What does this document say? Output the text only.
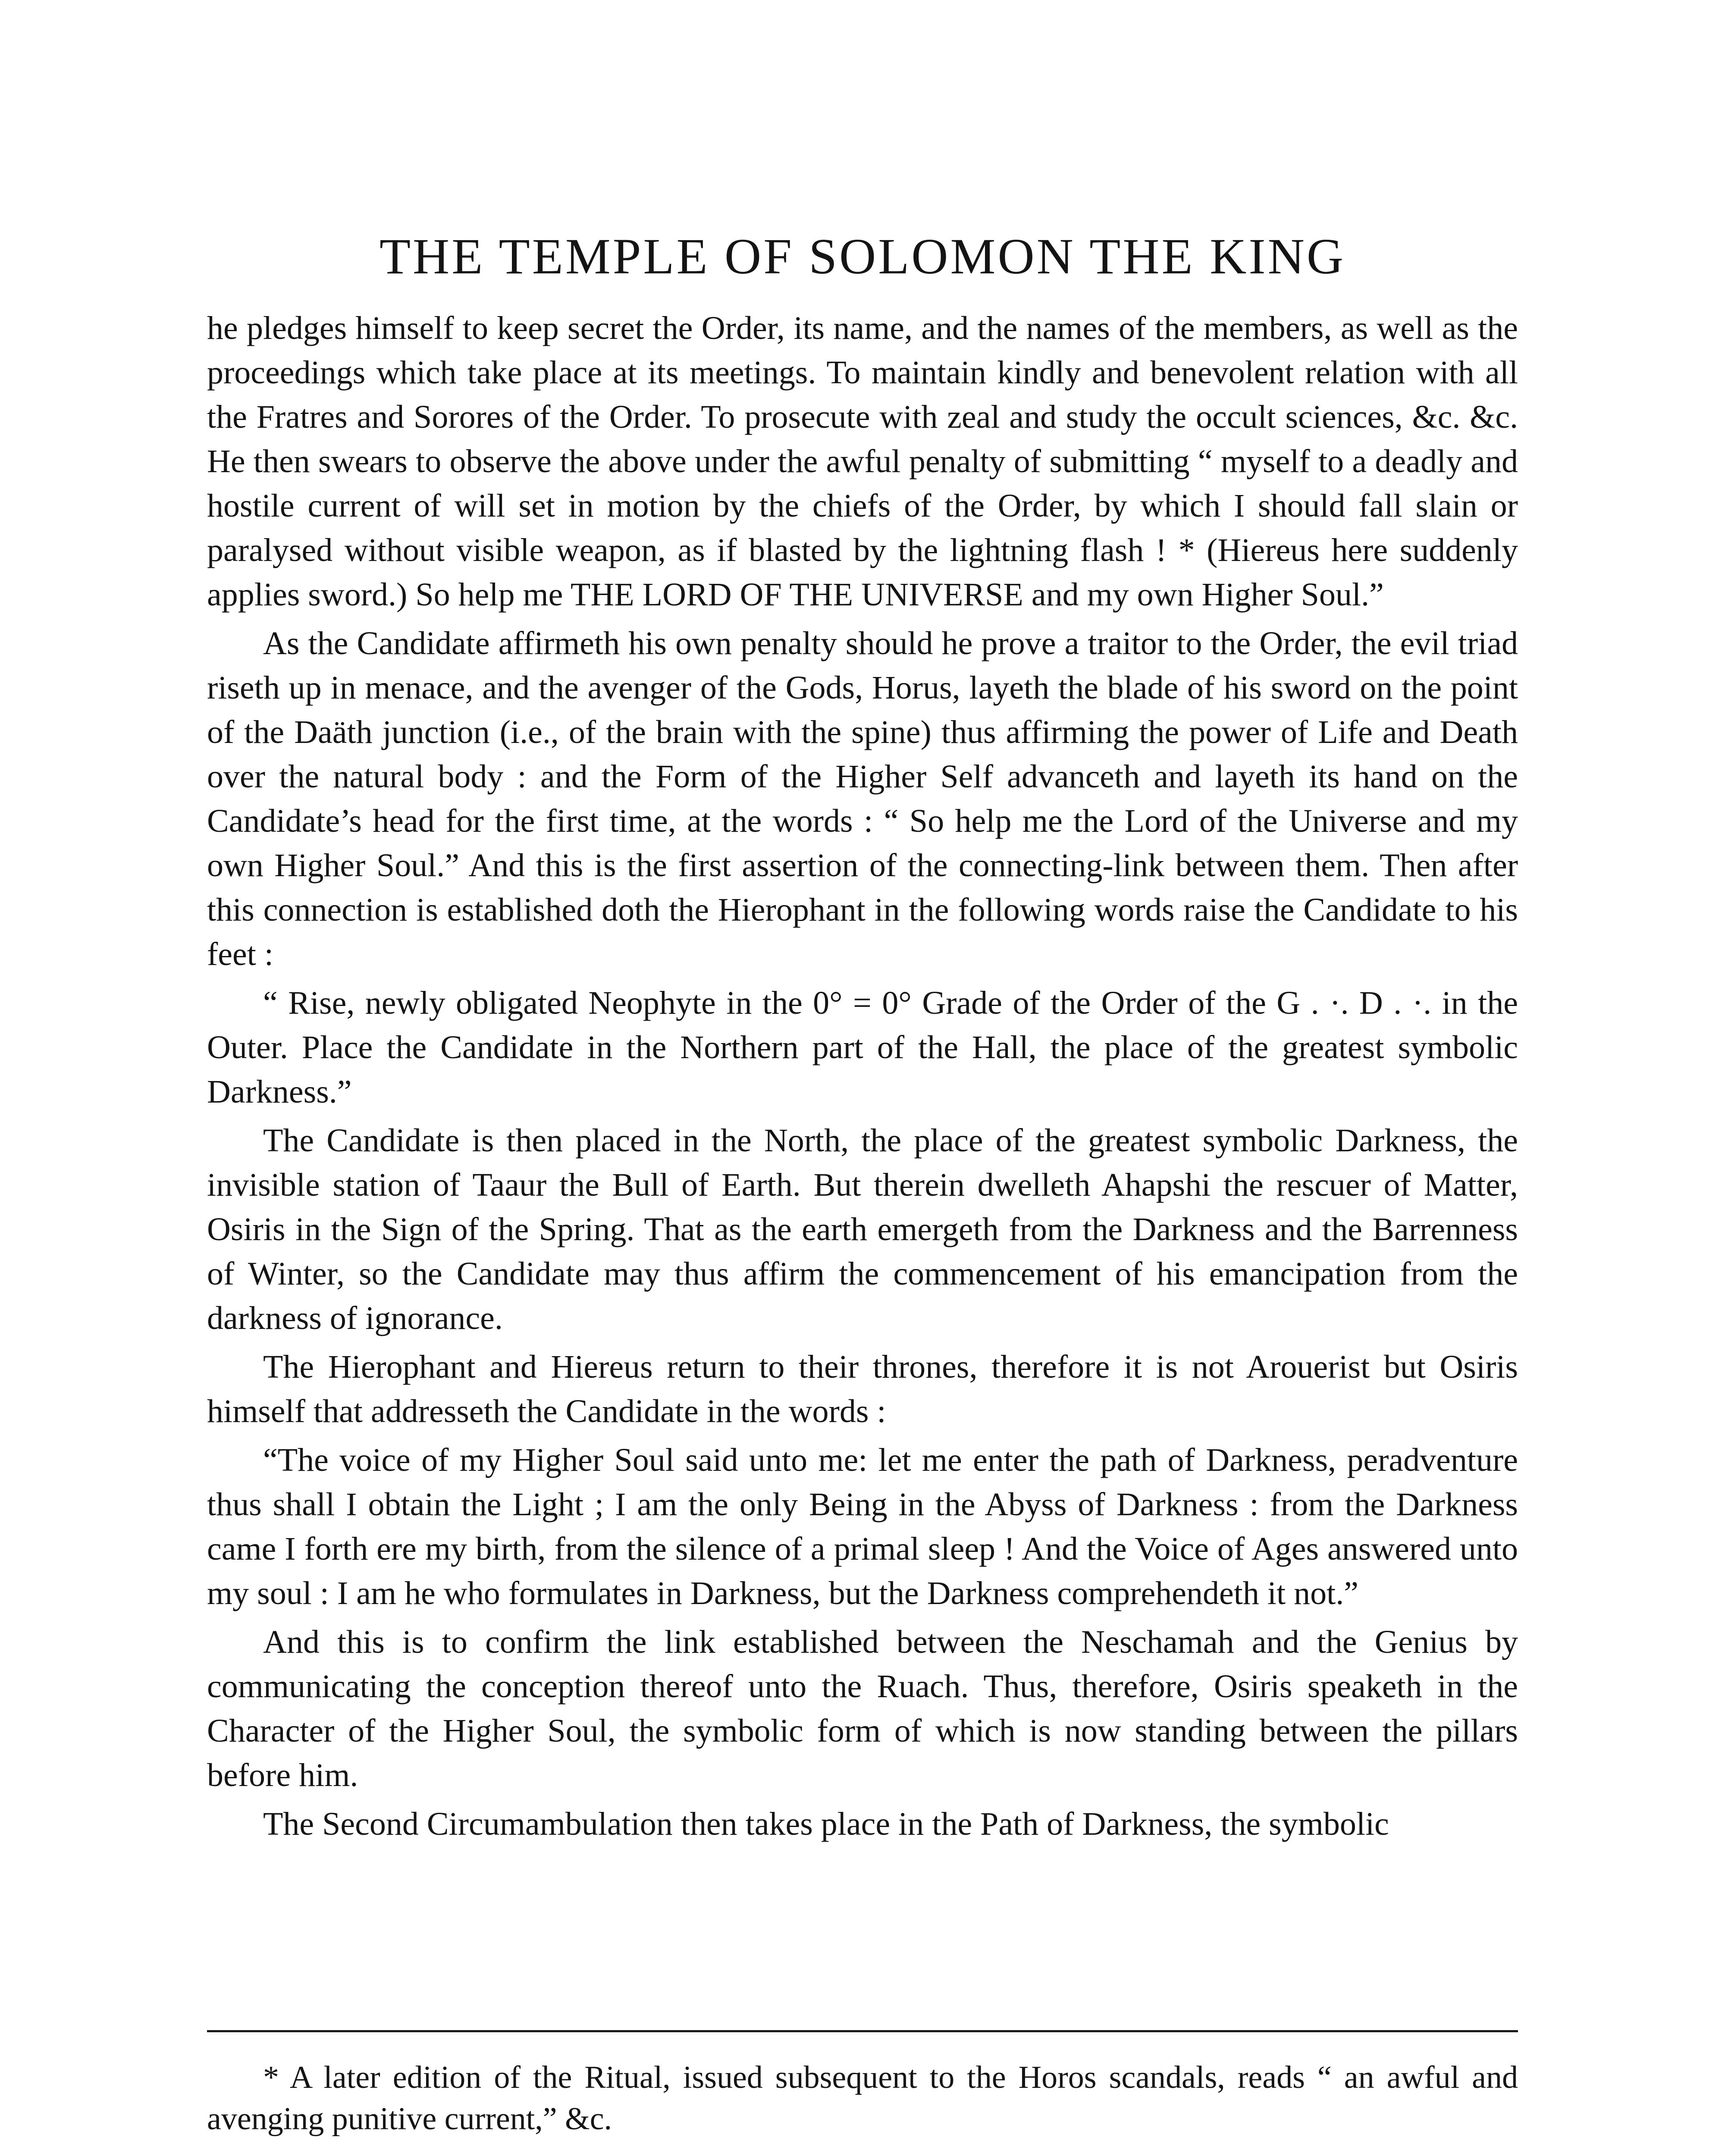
THE TEMPLE OF SOLOMON THE KING

he pledges himself to keep secret the Order, its name, and the names of the members, as well as the proceedings which take place at its meetings. To maintain kindly and benevolent relation with all the Fratres and Sorores of the Order. To prosecute with zeal and study the occult sciences, &c. &c. He then swears to observe the above under the awful penalty of submitting “ myself to a deadly and hostile current of will set in motion by the chiefs of the Order, by which I should fall slain or paralysed without visible weapon, as if blasted by the lightning flash ! * (Hiereus here suddenly applies sword.) So help me THE LORD OF THE UNIVERSE and my own Higher Soul.”

As the Candidate affirmeth his own penalty should he prove a traitor to the Order, the evil triad riseth up in menace, and the avenger of the Gods, Horus, layeth the blade of his sword on the point of the Daäth junction (i.e., of the brain with the spine) thus affirming the power of Life and Death over the natural body : and the Form of the Higher Self advanceth and layeth its hand on the Candidate’s head for the first time, at the words : “ So help me the Lord of the Universe and my own Higher Soul.” And this is the first assertion of the connecting-link between them. Then after this connection is established doth the Hierophant in the following words raise the Candidate to his feet :

“ Rise, newly obligated Neophyte in the 0° = 0° Grade of the Order of the G . ·. D . ·. in the Outer. Place the Candidate in the Northern part of the Hall, the place of the greatest symbolic Darkness.”

The Candidate is then placed in the North, the place of the greatest symbolic Darkness, the invisible station of Taaur the Bull of Earth. But therein dwelleth Ahapshi the rescuer of Matter, Osiris in the Sign of the Spring. That as the earth emergeth from the Darkness and the Barrenness of Winter, so the Candidate may thus affirm the commencement of his emancipation from the darkness of ignorance.

The Hierophant and Hiereus return to their thrones, therefore it is not Arouerist but Osiris himself that addresseth the Candidate in the words :

“The voice of my Higher Soul said unto me: let me enter the path of Darkness, peradventure thus shall I obtain the Light ; I am the only Being in the Abyss of Darkness : from the Darkness came I forth ere my birth, from the silence of a primal sleep ! And the Voice of Ages answered unto my soul : I am he who formulates in Darkness, but the Darkness comprehendeth it not.”

And this is to confirm the link established between the Neschamah and the Genius by communicating the conception thereof unto the Ruach. Thus, therefore, Osiris speaketh in the Character of the Higher Soul, the symbolic form of which is now standing between the pillars before him.

The Second Circumambulation then takes place in the Path of Darkness, the symbolic

* A later edition of the Ritual, issued subsequent to the Horos scandals, reads “ an awful and avenging punitive current,” &c.
